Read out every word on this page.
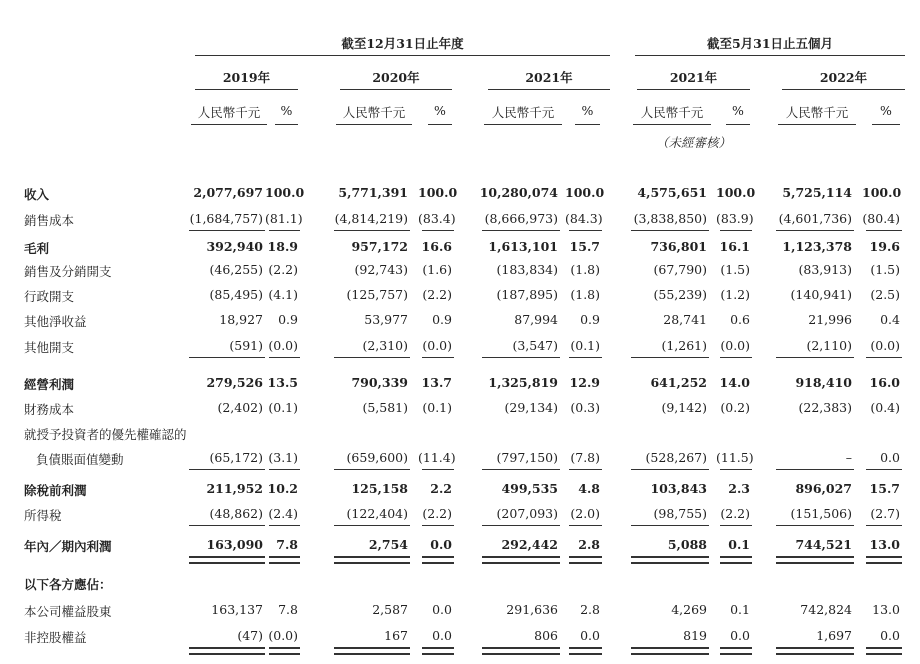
截至12月31日止年度	截至5月31日止五個月
2019年
人民幣千元	%
2020年
人民幣千元	%
2021年
人民幣千元	%
2021年
人民幣千元	%
2022年
人民幣千元	%
（未經審核）
收入	2,077,697 100.0	5,771,391 100.0 10,280,074 100.0	4,575,651 100.0	5,725,114 100.0
銷售成本	(1,684,757) (81.1)	(4,814,219) (83.4)	(8,666,973) (84.3)	(3,838,850) (83.9)	(4,601,736) (80.4)
毛利	392,940 18.9	957,172 16.6	1,613,101 15.7	736,801 16.1	1,123,378	19.6
銷售及分銷開支	(46,255) (2.2)	(92,743)	(1.6)	(183,834) (1.8)	(67,790)	(1.5)	(83,913)	(1.5)
行政開支	(85,495) (4.1)	(125,757)	(2.2)	(187,895) (1.8)	(55,239)	(1.2)	(140,941)	(2.5)
其他淨收益	18,927	0.9	53,977	0.9	87,994	0.9	28,741	0.6	21,996	0.4
其他開支	(591) (0.0)	(2,310)	(0.0)	(3,547) (0.1)	(1,261)	(0.0)	(2,110)	(0.0)
經營利潤	279,526 13.5	790,339 13.7	1,325,819 12.9	641,252 14.0	918,410	16.0
財務成本	(2,402) (0.1)	(5,581)	(0.1)	(29,134) (0.3)	(9,142)	(0.2)	(22,383)	(0.4)
就授予投資者的優先權確認的
負債賬面值變動	(65,172) (3.1)	(659,600) (11.4)	(797,150) (7.8)	(528,267) (11.5)	–	0.0
除稅前利潤	211,952 10.2	125,158	2.2	499,535	4.8	103,843	2.3	896,027	15.7
所得稅	(48,862) (2.4)	(122,404)	(2.2)	(207,093) (2.0)	(98,755)	(2.2)	(151,506)	(2.7)
年內／期內利潤	163,090	7.8	2,754	0.0	292,442	2.8	5,088	0.1	744,521	13.0
以下各方應佔：
本公司權益股東	163,137	7.8	2,587	0.0	291,636	2.8	4,269	0.1	742,824	13.0
非控股權益	(47) (0.0)	167	0.0	806	0.0	819	0.0	1,697	0.0
